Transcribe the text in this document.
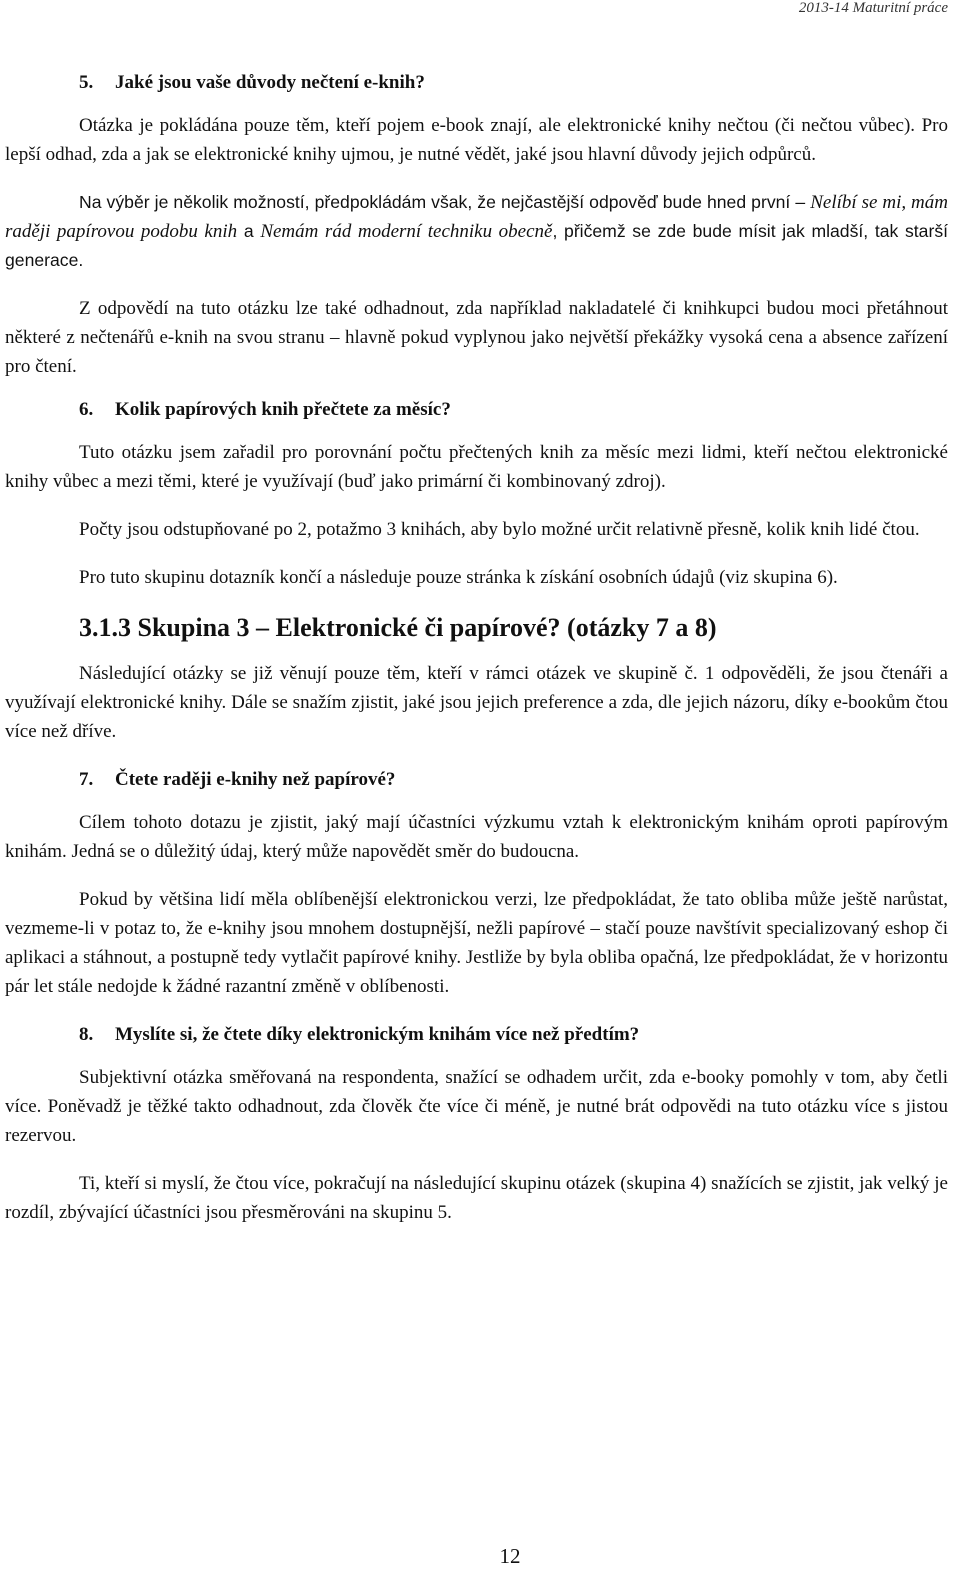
2013-14 Maturitní práce
5. Jaké jsou vaše důvody nečtení e-knih?

Otázka je pokládána pouze těm, kteří pojem e-book znají, ale elektronické knihy nečtou (či nečtou vůbec). Pro lepší odhad, zda a jak se elektronické knihy ujmou, je nutné vědět, jaké jsou hlavní důvody jejich odpůrců.

Na výběr je několik možností, předpokládám však, že nejčastější odpověď bude hned první – Nelíbí se mi, mám raději papírovou podobu knih a Nemám rád moderní techniku obecně, přičemž se zde bude mísit jak mladší, tak starší generace.

Z odpovědí na tuto otázku lze také odhadnout, zda například nakladatelé či knihkupci budou moci přetáhnout některé z nečtenářů e-knih na svou stranu – hlavně pokud vyplynou jako největší překážky vysoká cena a absence zařízení pro čtení.

6. Kolik papírových knih přečtete za měsíc?

Tuto otázku jsem zařadil pro porovnání počtu přečtených knih za měsíc mezi lidmi, kteří nečtou elektronické knihy vůbec a mezi těmi, které je využívají (buď jako primární či kombinovaný zdroj).

Počty jsou odstupňované po 2, potažmo 3 knihách, aby bylo možné určit relativně přesně, kolik knih lidé čtou.

Pro tuto skupinu dotazník končí a následuje pouze stránka k získání osobních údajů (viz skupina 6).

3.1.3 Skupina 3 – Elektronické či papírové? (otázky 7 a 8)

Následující otázky se již věnují pouze těm, kteří v rámci otázek ve skupině č. 1 odpověděli, že jsou čtenáři a využívají elektronické knihy. Dále se snažím zjistit, jaké jsou jejich preference a zda, dle jejich názoru, díky e-bookům čtou více než dříve.

7. Čtete raději e-knihy než papírové?

Cílem tohoto dotazu je zjistit, jaký mají účastníci výzkumu vztah k elektronickým knihám oproti papírovým knihám. Jedná se o důležitý údaj, který může napovědět směr do budoucna.

Pokud by většina lidí měla oblíbenější elektronickou verzi, lze předpokládat, že tato obliba může ještě narůstat, vezmeme-li v potaz to, že e-knihy jsou mnohem dostupnější, nežli papírové – stačí pouze navštívit specializovaný eshop či aplikaci a stáhnout, a postupně tedy vytlačit papírové knihy. Jestliže by byla obliba opačná, lze předpokládat, že v horizontu pár let stále nedojde k žádné razantní změně v oblíbenosti.

8. Myslíte si, že čtete díky elektronickým knihám více než předtím?

Subjektivní otázka směřovaná na respondenta, snažící se odhadem určit, zda e-booky pomohly v tom, aby četli více. Poněvadž je těžké takto odhadnout, zda člověk čte více či méně, je nutné brát odpovědi na tuto otázku více s jistou rezervou.

Ti, kteří si myslí, že čtou více, pokračují na následující skupinu otázek (skupina 4) snažících se zjistit, jak velký je rozdíl, zbývající účastníci jsou přesměrováni na skupinu 5.

12
